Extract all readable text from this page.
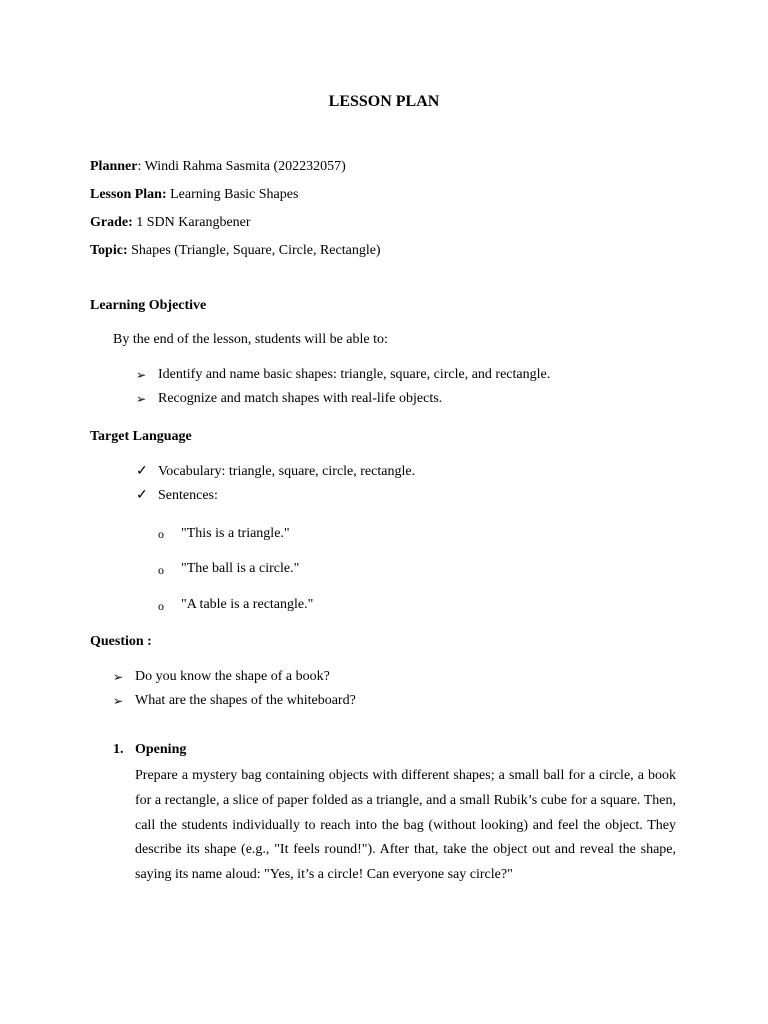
LESSON PLAN
Planner: Windi Rahma Sasmita (202232057)
Lesson Plan: Learning Basic Shapes
Grade: 1 SDN Karangbener
Topic: Shapes (Triangle, Square, Circle, Rectangle)
Learning Objective
By the end of the lesson, students will be able to:
➢ Identify and name basic shapes: triangle, square, circle, and rectangle.
➢ Recognize and match shapes with real-life objects.
Target Language
✓ Vocabulary: triangle, square, circle, rectangle.
✓ Sentences:
o "This is a triangle."
o "The ball is a circle."
o "A table is a rectangle."
Question :
➢ Do you know the shape of a book?
➢ What are the shapes of the whiteboard?
1. Opening
Prepare a mystery bag containing objects with different shapes; a small ball for a circle, a book for a rectangle, a slice of paper folded as a triangle, and a small Rubik’s cube for a square. Then, call the students individually to reach into the bag (without looking) and feel the object. They describe its shape (e.g., "It feels round!"). After that, take the object out and reveal the shape, saying its name aloud: "Yes, it’s a circle! Can everyone say circle?"
